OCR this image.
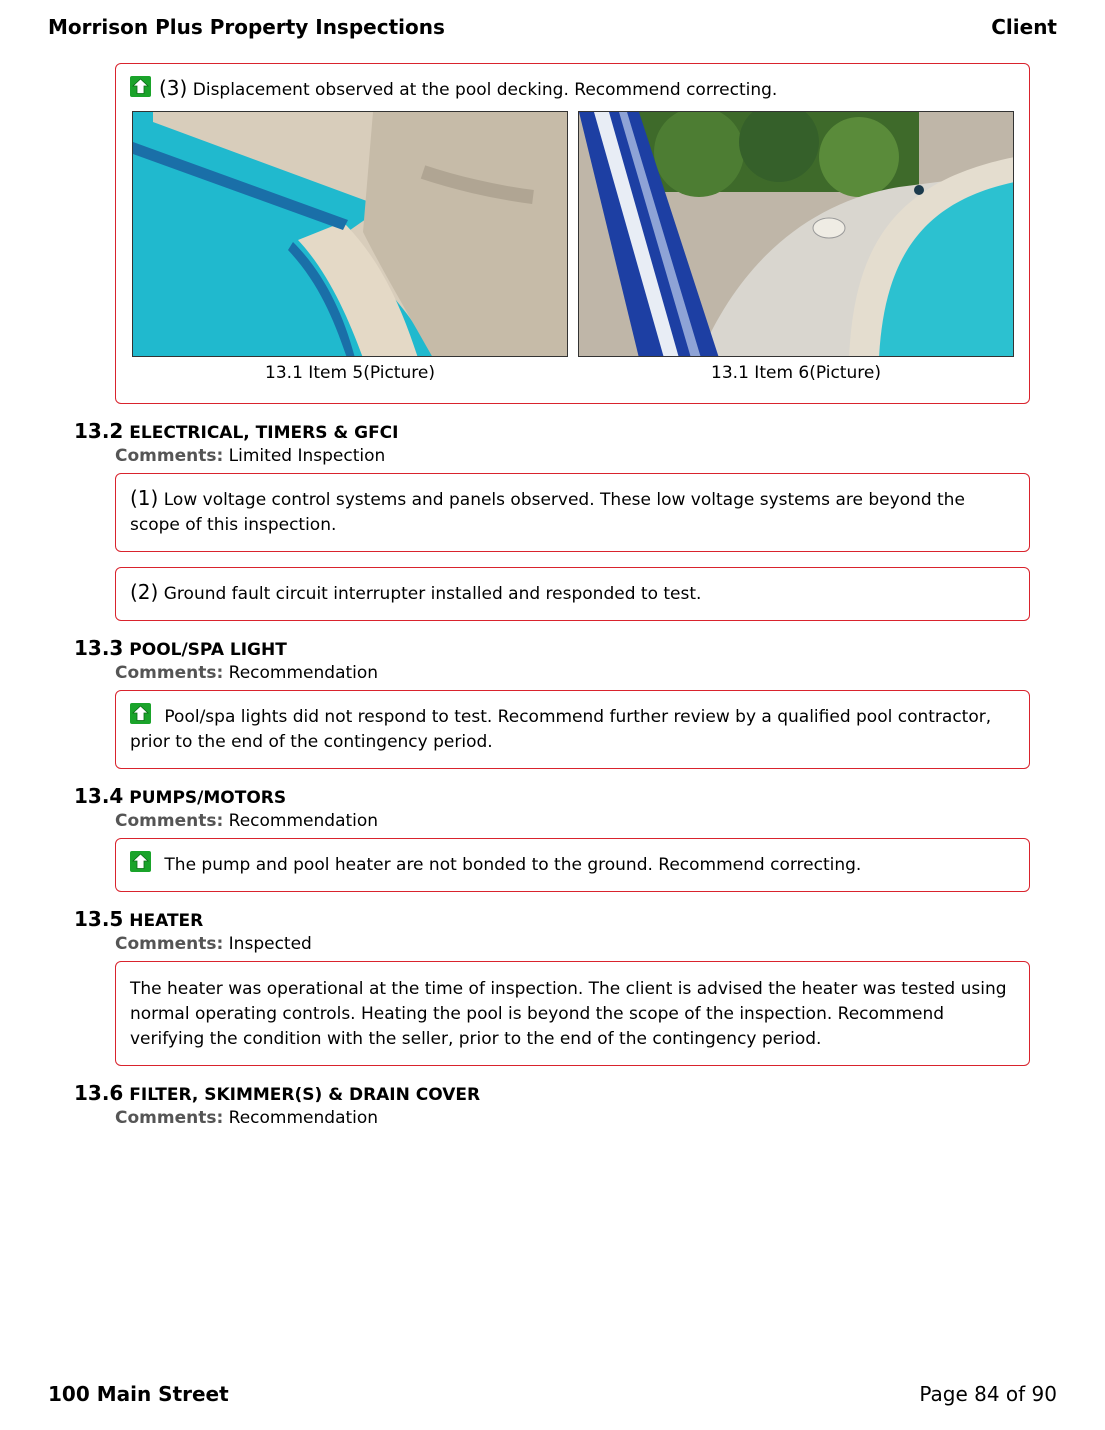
Morrison Plus Property Inspections	Client
(3) Displacement observed at the pool decking. Recommend correcting.
13.1 Item 5(Picture)	13.1 Item 6(Picture)
13.2 ELECTRICAL, TIMERS & GFCI
Comments: Limited Inspection
(1) Low voltage control systems and panels observed. These low voltage systems are beyond the scope of this inspection.
(2) Ground fault circuit interrupter installed and responded to test.
13.3 POOL/SPA LIGHT
Comments: Recommendation
Pool/spa lights did not respond to test. Recommend further review by a qualified pool contractor, prior to the end of the contingency period.
13.4 PUMPS/MOTORS
Comments: Recommendation
The pump and pool heater are not bonded to the ground. Recommend correcting.
13.5 HEATER
Comments: Inspected
The heater was operational at the time of inspection. The client is advised the heater was tested using normal operating controls. Heating the pool is beyond the scope of the inspection. Recommend verifying the condition with the seller, prior to the end of the contingency period.
13.6 FILTER, SKIMMER(S) & DRAIN COVER
Comments: Recommendation
100 Main Street	Page 84 of 90
